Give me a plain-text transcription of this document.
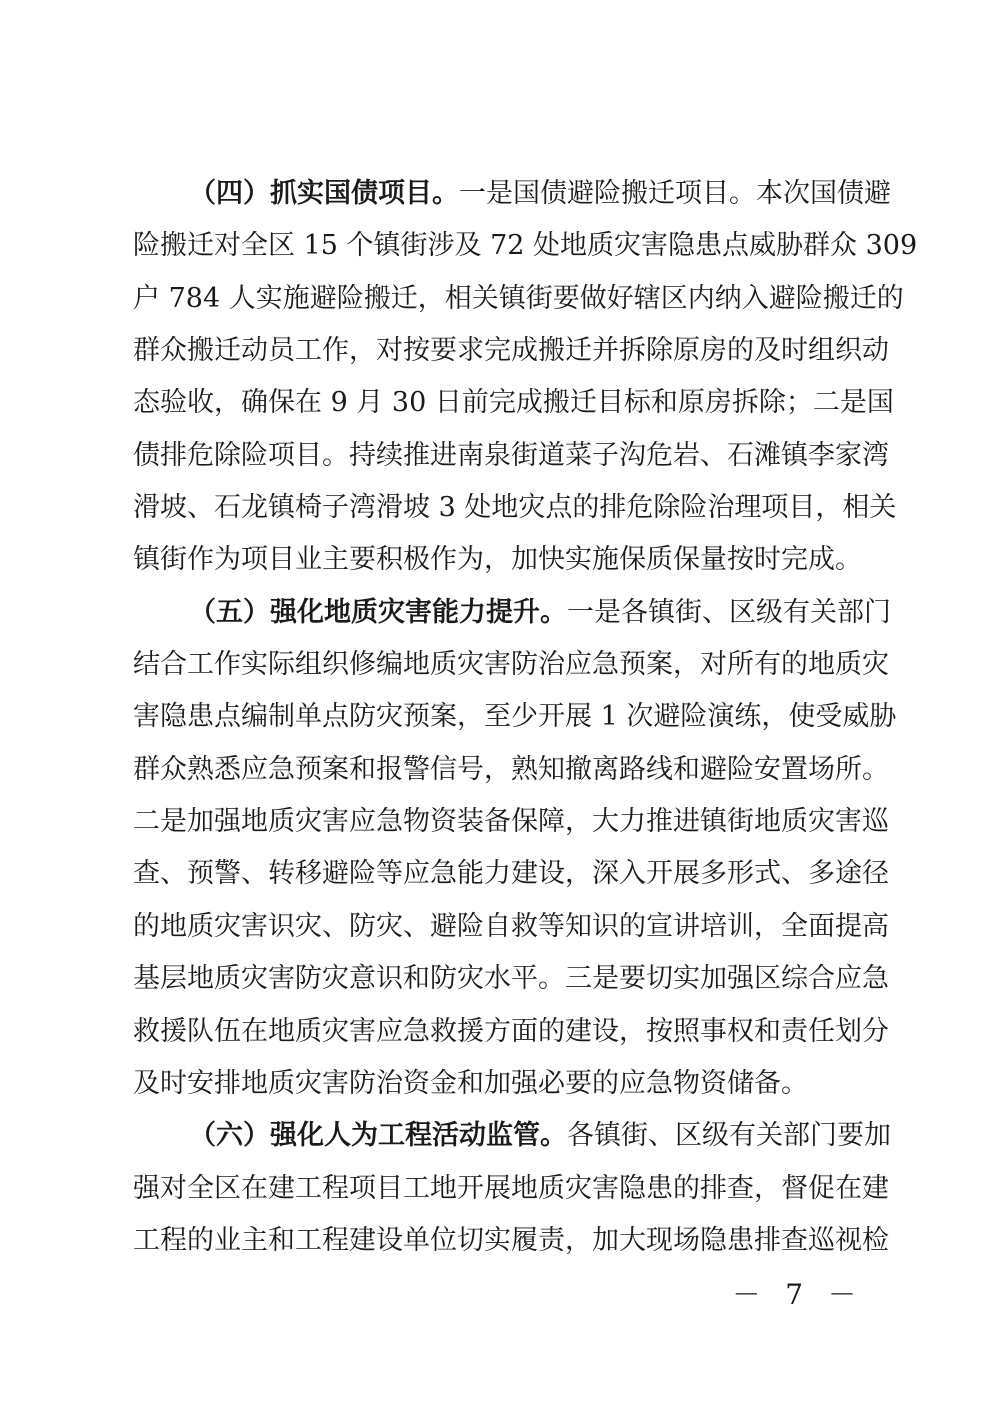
（四）抓实国债项目。一是国债避险搬迁项目。本次国债避
险搬迁对全区 15 个镇街涉及 72 处地质灾害隐患点威胁群众 309
户 784 人实施避险搬迁，相关镇街要做好辖区内纳入避险搬迁的
群众搬迁动员工作，对按要求完成搬迁并拆除原房的及时组织动
态验收，确保在 9 月 30 日前完成搬迁目标和原房拆除；二是国
债排危除险项目。持续推进南泉街道菜子沟危岩、石滩镇李家湾
滑坡、石龙镇椅子湾滑坡 3 处地灾点的排危除险治理项目，相关
镇街作为项目业主要积极作为，加快实施保质保量按时完成。
（五）强化地质灾害能力提升。一是各镇街、区级有关部门
结合工作实际组织修编地质灾害防治应急预案，对所有的地质灾
害隐患点编制单点防灾预案，至少开展 1 次避险演练，使受威胁
群众熟悉应急预案和报警信号，熟知撤离路线和避险安置场所。
二是加强地质灾害应急物资装备保障，大力推进镇街地质灾害巡
查、预警、转移避险等应急能力建设，深入开展多形式、多途径
的地质灾害识灾、防灾、避险自救等知识的宣讲培训，全面提高
基层地质灾害防灾意识和防灾水平。三是要切实加强区综合应急
救援队伍在地质灾害应急救援方面的建设，按照事权和责任划分
及时安排地质灾害防治资金和加强必要的应急物资储备。
（六）强化人为工程活动监管。各镇街、区级有关部门要加
强对全区在建工程项目工地开展地质灾害隐患的排查，督促在建
工程的业主和工程建设单位切实履责，加大现场隐患排查巡视检
－ 7 －
